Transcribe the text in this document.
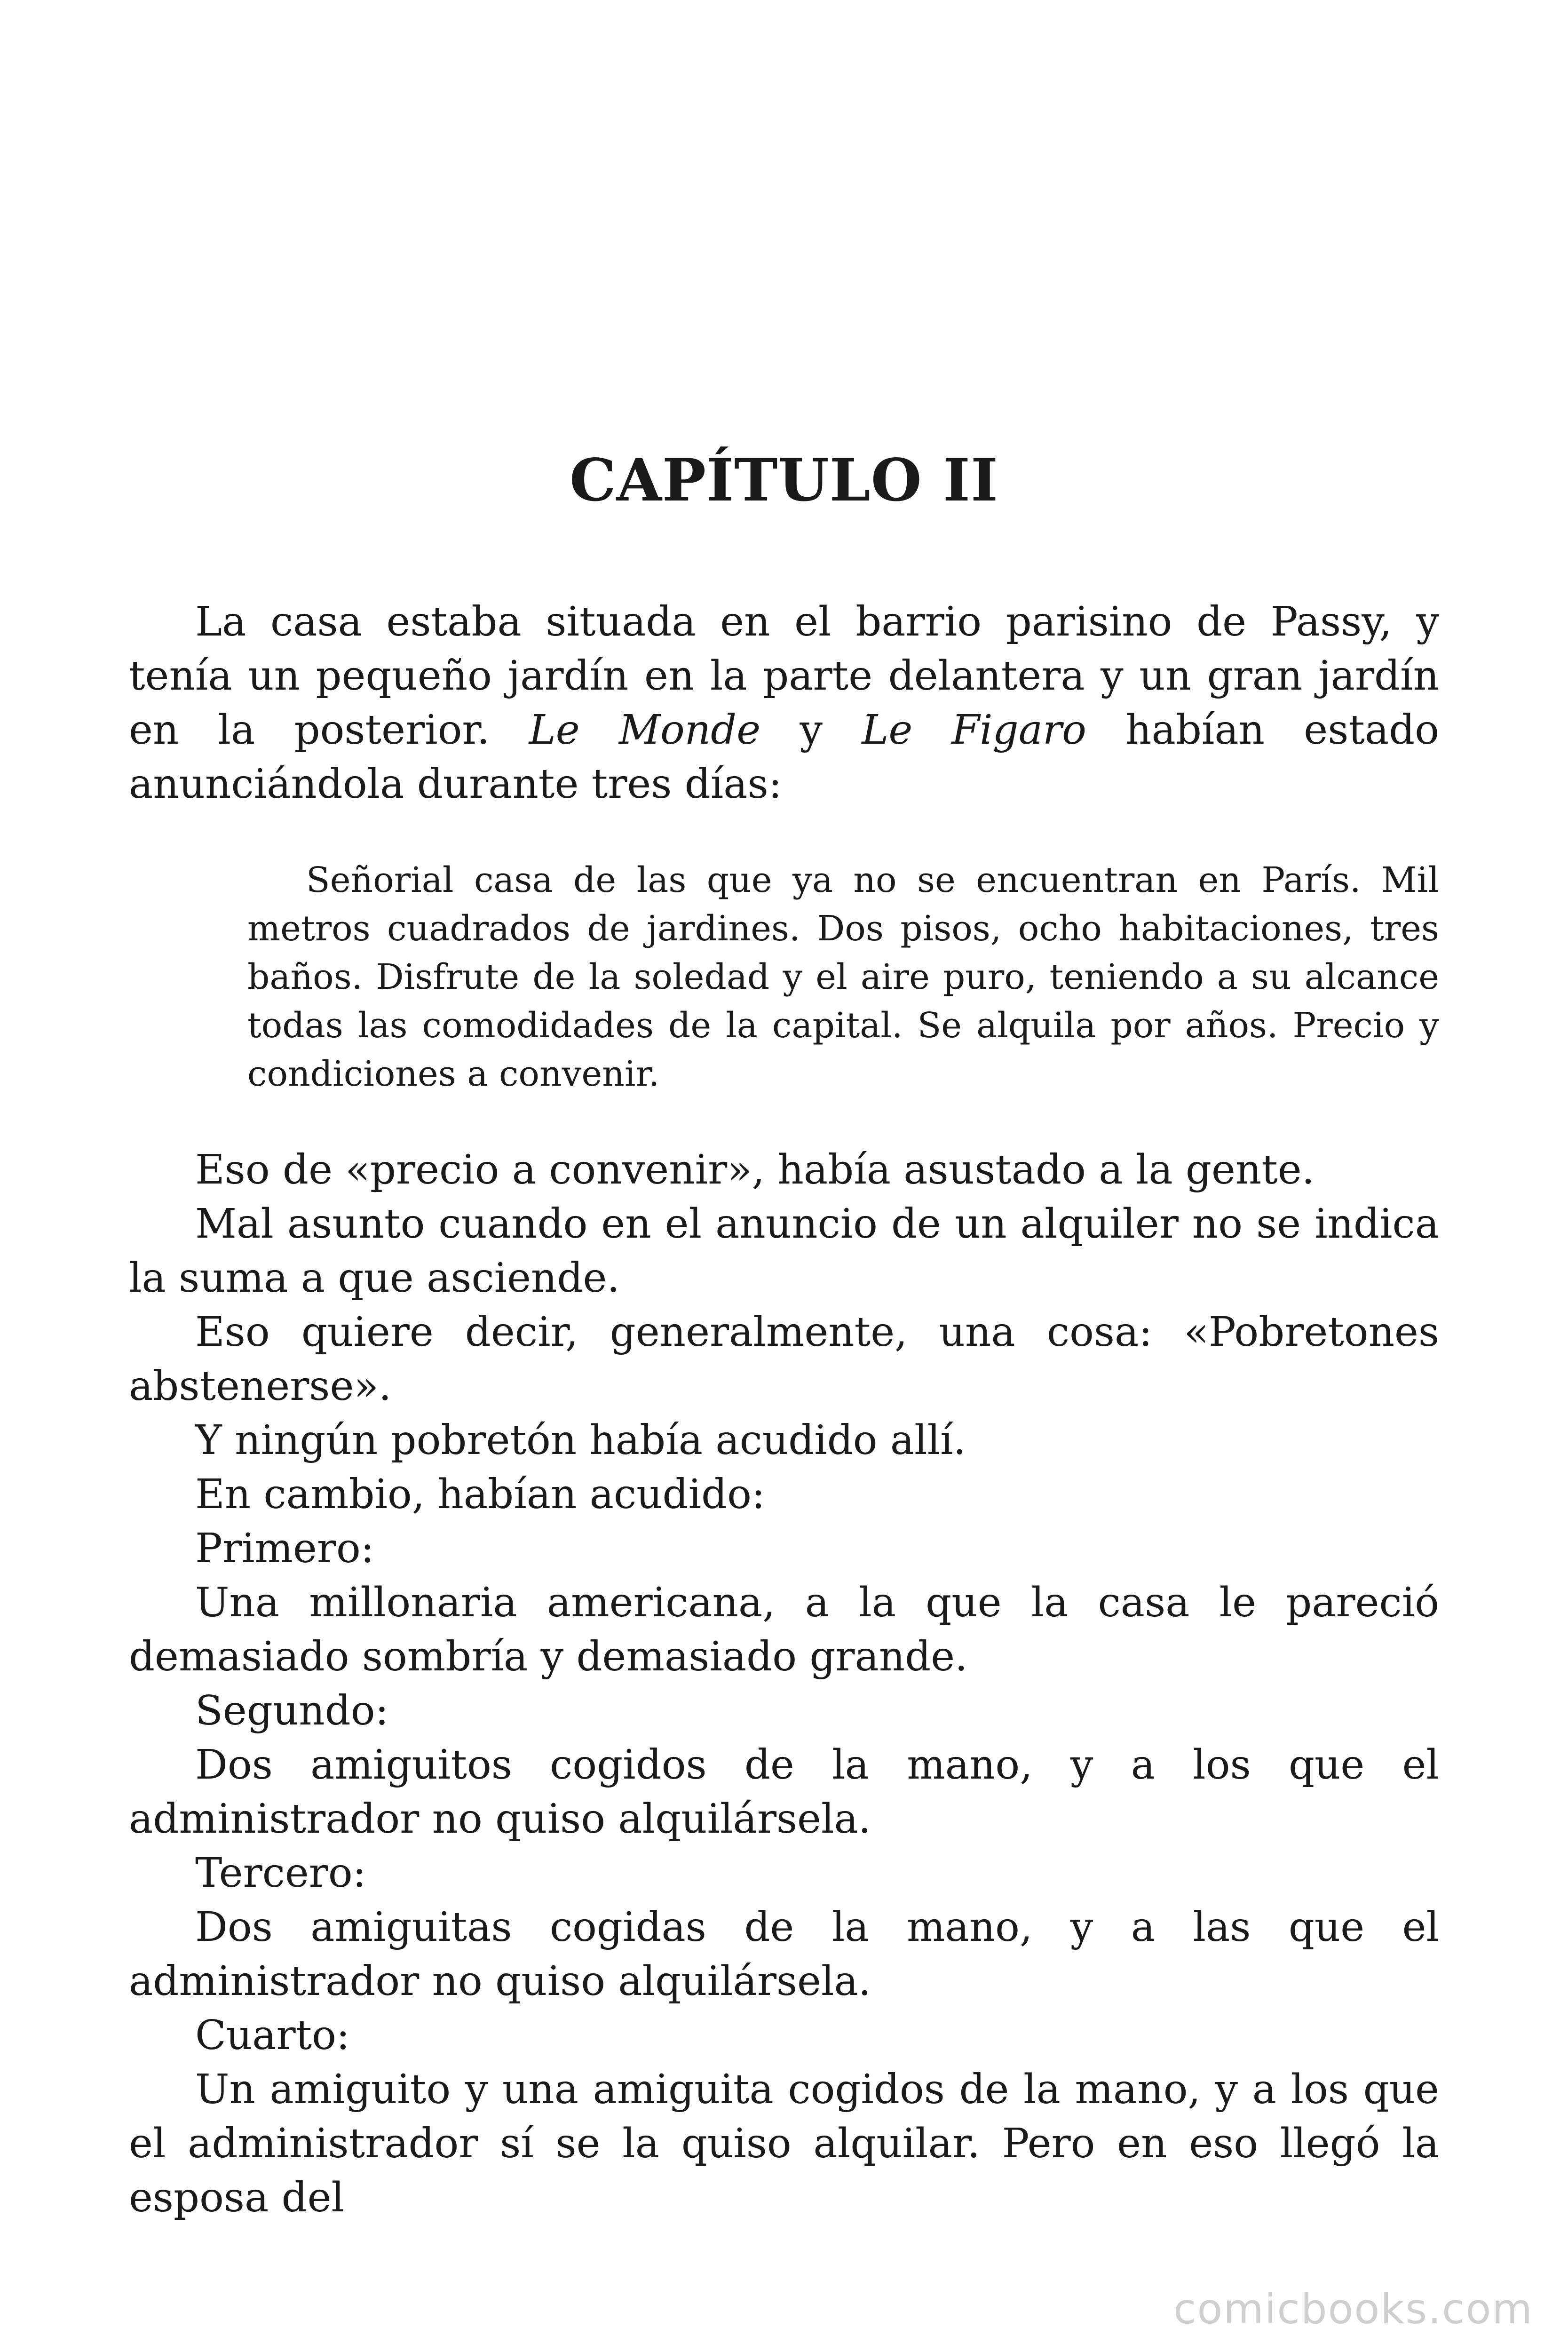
CAPÍTULO II

La casa estaba situada en el barrio parisino de Passy, y tenía un pequeño jardín en la parte delantera y un gran jardín en la posterior. Le Monde y Le Figaro habían estado anunciándola durante tres días:

Señorial casa de las que ya no se encuentran en París. Mil metros cuadrados de jardines. Dos pisos, ocho habitaciones, tres baños. Disfrute de la soledad y el aire puro, teniendo a su alcance todas las comodidades de la capital. Se alquila por años. Precio y condiciones a convenir.

Eso de «precio a convenir», había asustado a la gente.

Mal asunto cuando en el anuncio de un alquiler no se indica la suma a que asciende.

Eso quiere decir, generalmente, una cosa: «Pobretones abstenerse».

Y ningún pobretón había acudido allí.

En cambio, habían acudido:

Primero:

Una millonaria americana, a la que la casa le pareció demasiado sombría y demasiado grande.

Segundo:

Dos amiguitos cogidos de la mano, y a los que el administrador no quiso alquilársela.

Tercero:

Dos amiguitas cogidas de la mano, y a las que el administrador no quiso alquilársela.

Cuarto:

Un amiguito y una amiguita cogidos de la mano, y a los que el administrador sí se la quiso alquilar. Pero en eso llegó la esposa del

comicbooks.com
